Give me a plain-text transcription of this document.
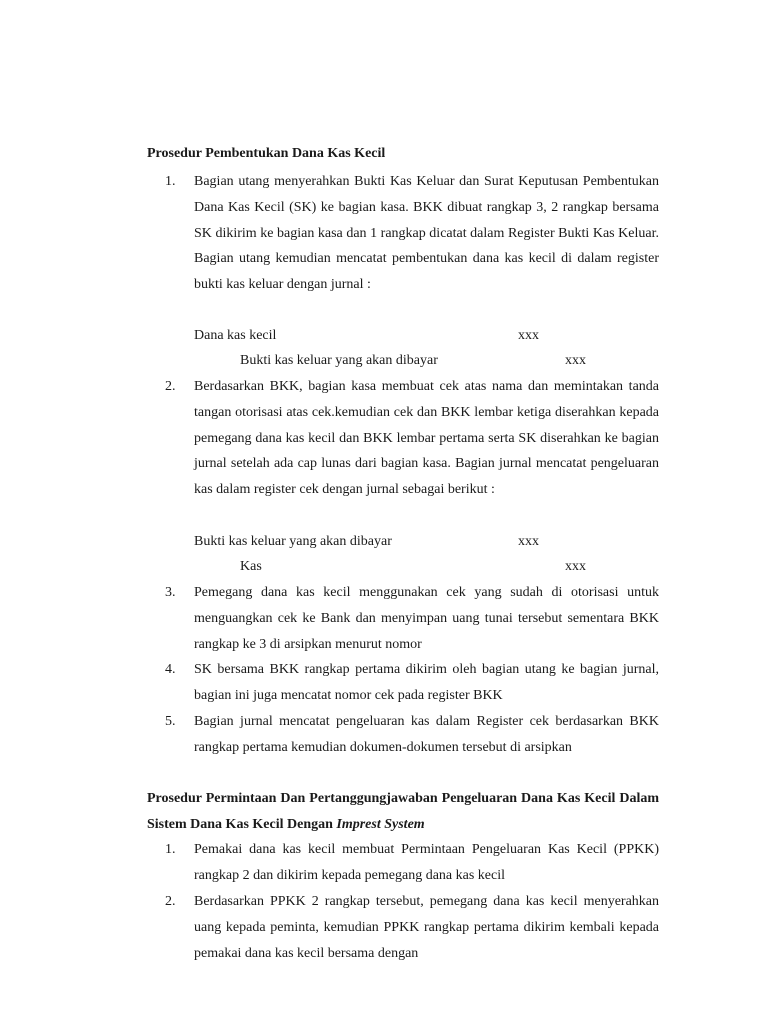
Prosedur Pembentukan Dana Kas Kecil
1.	Bagian utang menyerahkan Bukti Kas Keluar dan Surat Keputusan Pembentukan Dana Kas Kecil (SK) ke bagian kasa. BKK dibuat rangkap 3, 2 rangkap bersama SK dikirim ke bagian kasa dan 1 rangkap dicatat dalam Register Bukti Kas Keluar. Bagian utang kemudian mencatat pembentukan dana kas kecil di dalam register bukti kas keluar dengan jurnal :

Dana kas kecil	xxx
Bukti kas keluar yang akan dibayar	xxx
2.	Berdasarkan BKK, bagian kasa membuat cek atas nama dan memintakan tanda tangan otorisasi atas cek.kemudian cek dan BKK lembar ketiga diserahkan kepada pemegang dana kas kecil dan BKK lembar pertama serta SK diserahkan ke bagian jurnal setelah ada cap lunas dari bagian kasa. Bagian jurnal mencatat pengeluaran kas dalam register cek dengan jurnal sebagai berikut :

Bukti kas keluar yang akan dibayar	xxx
Kas	xxx
3.	Pemegang dana kas kecil menggunakan cek yang sudah di otorisasi untuk menguangkan cek ke Bank dan menyimpan uang tunai tersebut sementara BKK rangkap ke 3 di arsipkan menurut nomor

4.	SK bersama BKK rangkap pertama dikirim oleh bagian utang ke bagian jurnal, bagian ini juga mencatat nomor cek pada register BKK

5.	Bagian jurnal mencatat pengeluaran kas dalam Register cek berdasarkan BKK rangkap pertama kemudian dokumen-dokumen tersebut di arsipkan

Prosedur Permintaan Dan Pertanggungjawaban Pengeluaran Dana Kas Kecil Dalam Sistem Dana Kas Kecil Dengan Imprest System

1.	Pemakai dana kas kecil membuat Permintaan Pengeluaran Kas Kecil (PPKK) rangkap 2 dan dikirim kepada pemegang dana kas kecil

2.	Berdasarkan PPKK 2 rangkap tersebut, pemegang dana kas kecil menyerahkan uang kepada peminta, kemudian PPKK rangkap pertama dikirim kembali kepada pemakai dana kas kecil bersama dengan
